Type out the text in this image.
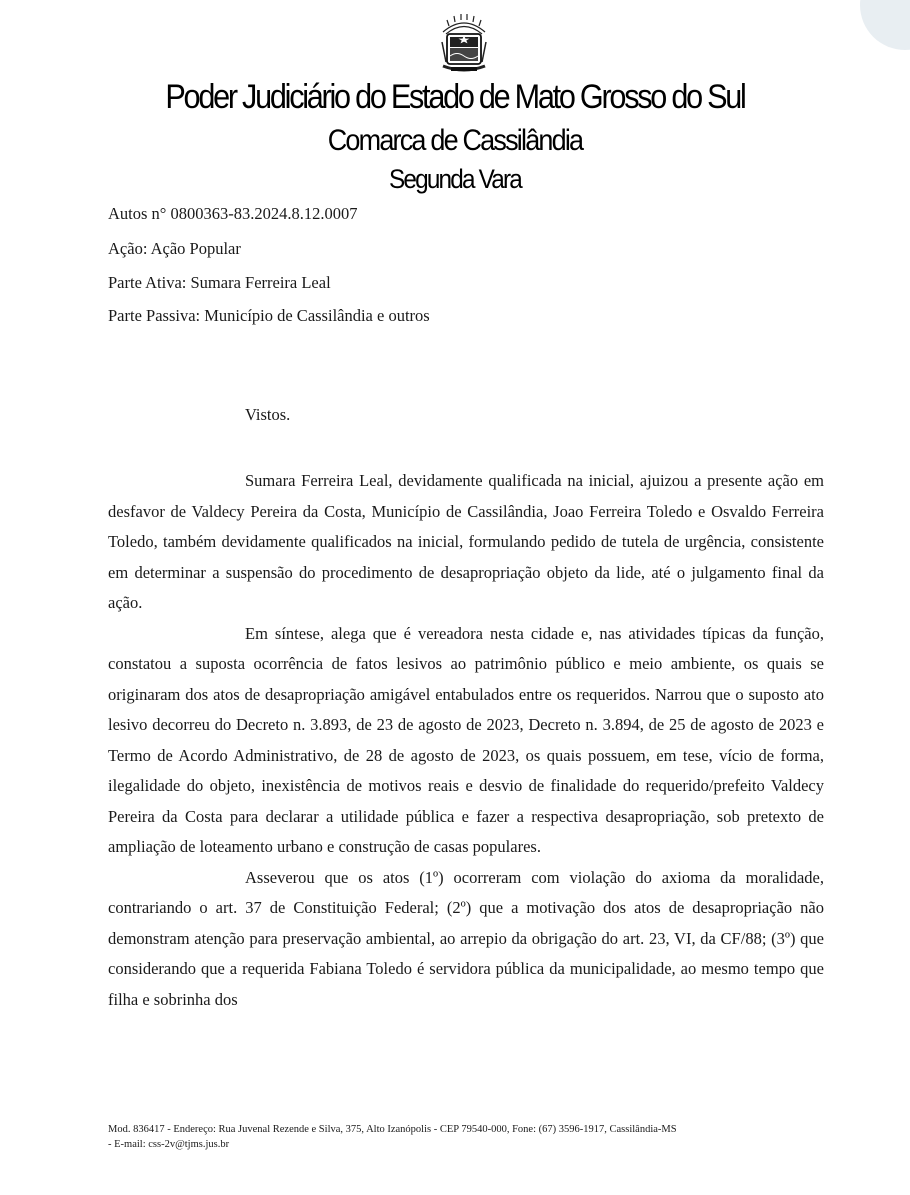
Poder Judiciário do Estado de Mato Grosso do Sul
Comarca de Cassilândia
Segunda Vara
Autos n° 0800363-83.2024.8.12.0007
Ação: Ação Popular
Parte Ativa: Sumara Ferreira Leal
Parte Passiva: Município de Cassilândia e outros
Vistos.

Sumara Ferreira Leal, devidamente qualificada na inicial, ajuizou a presente ação em desfavor de Valdecy Pereira da Costa, Município de Cassilândia, Joao Ferreira Toledo e Osvaldo Ferreira Toledo, também devidamente qualificados na inicial, formulando pedido de tutela de urgência, consistente em determinar a suspensão do procedimento de desapropriação objeto da lide, até o julgamento final da ação.

Em síntese, alega que é vereadora nesta cidade e, nas atividades típicas da função, constatou a suposta ocorrência de fatos lesivos ao patrimônio público e meio ambiente, os quais se originaram dos atos de desapropriação amigável entabulados entre os requeridos. Narrou que o suposto ato lesivo decorreu do Decreto n. 3.893, de 23 de agosto de 2023, Decreto n. 3.894, de 25 de agosto de 2023 e Termo de Acordo Administrativo, de 28 de agosto de 2023, os quais possuem, em tese, vício de forma, ilegalidade do objeto, inexistência de motivos reais e desvio de finalidade do requerido/prefeito Valdecy Pereira da Costa para declarar a utilidade pública e fazer a respectiva desapropriação, sob pretexto de ampliação de loteamento urbano e construção de casas populares.

Asseverou que os atos (1º) ocorreram com violação do axioma da moralidade, contrariando o art. 37 de Constituição Federal; (2º) que a motivação dos atos de desapropriação não demonstram atenção para preservação ambiental, ao arrepio da obrigação do art. 23, VI, da CF/88; (3º) que considerando que a requerida Fabiana Toledo é servidora pública da municipalidade, ao mesmo tempo que filha e sobrinha dos

Mod. 836417 - Endereço: Rua Juvenal Rezende e Silva, 375, Alto Izanópolis - CEP 79540-000, Fone: (67) 3596-1917, Cassilândia-MS
- E-mail: css-2v@tjms.jus.br
